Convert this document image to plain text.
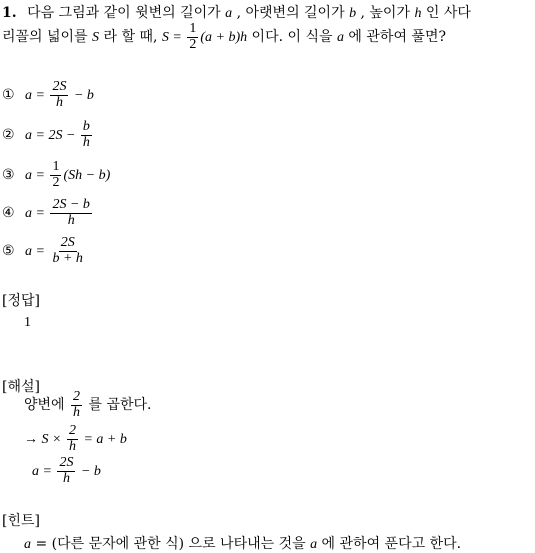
1. 다음 그림과 같이 윗변의 길이가 a , 아랫변의 길이가 b , 높이가 h 인 사다
리꼴의 넓이를 S 라 할 때, $S = \frac{1}{2} (a + b)h$ 이다. 이 식을 a 에 관하여 풀면?
① $a = \frac{2S}{h} - b$
② $a = 2S - \frac{b}{h}$
③ $a = \frac{1}{2} (Sh - b)$
④ $a = \frac{2S - b}{h}$
⑤ $a = \frac{2S}{b + h}$
[정답]
1
[해설]
양변에 $\frac{2}{h}$ 를 곱한다.
→ $S \times \frac{2}{h} = a + b$
$a = \frac{2S}{h} - b$
[힌트]
a = (다른 문자에 관한 식) 으로 나타내는 것을 a 에 관하여 푼다고 한다.
